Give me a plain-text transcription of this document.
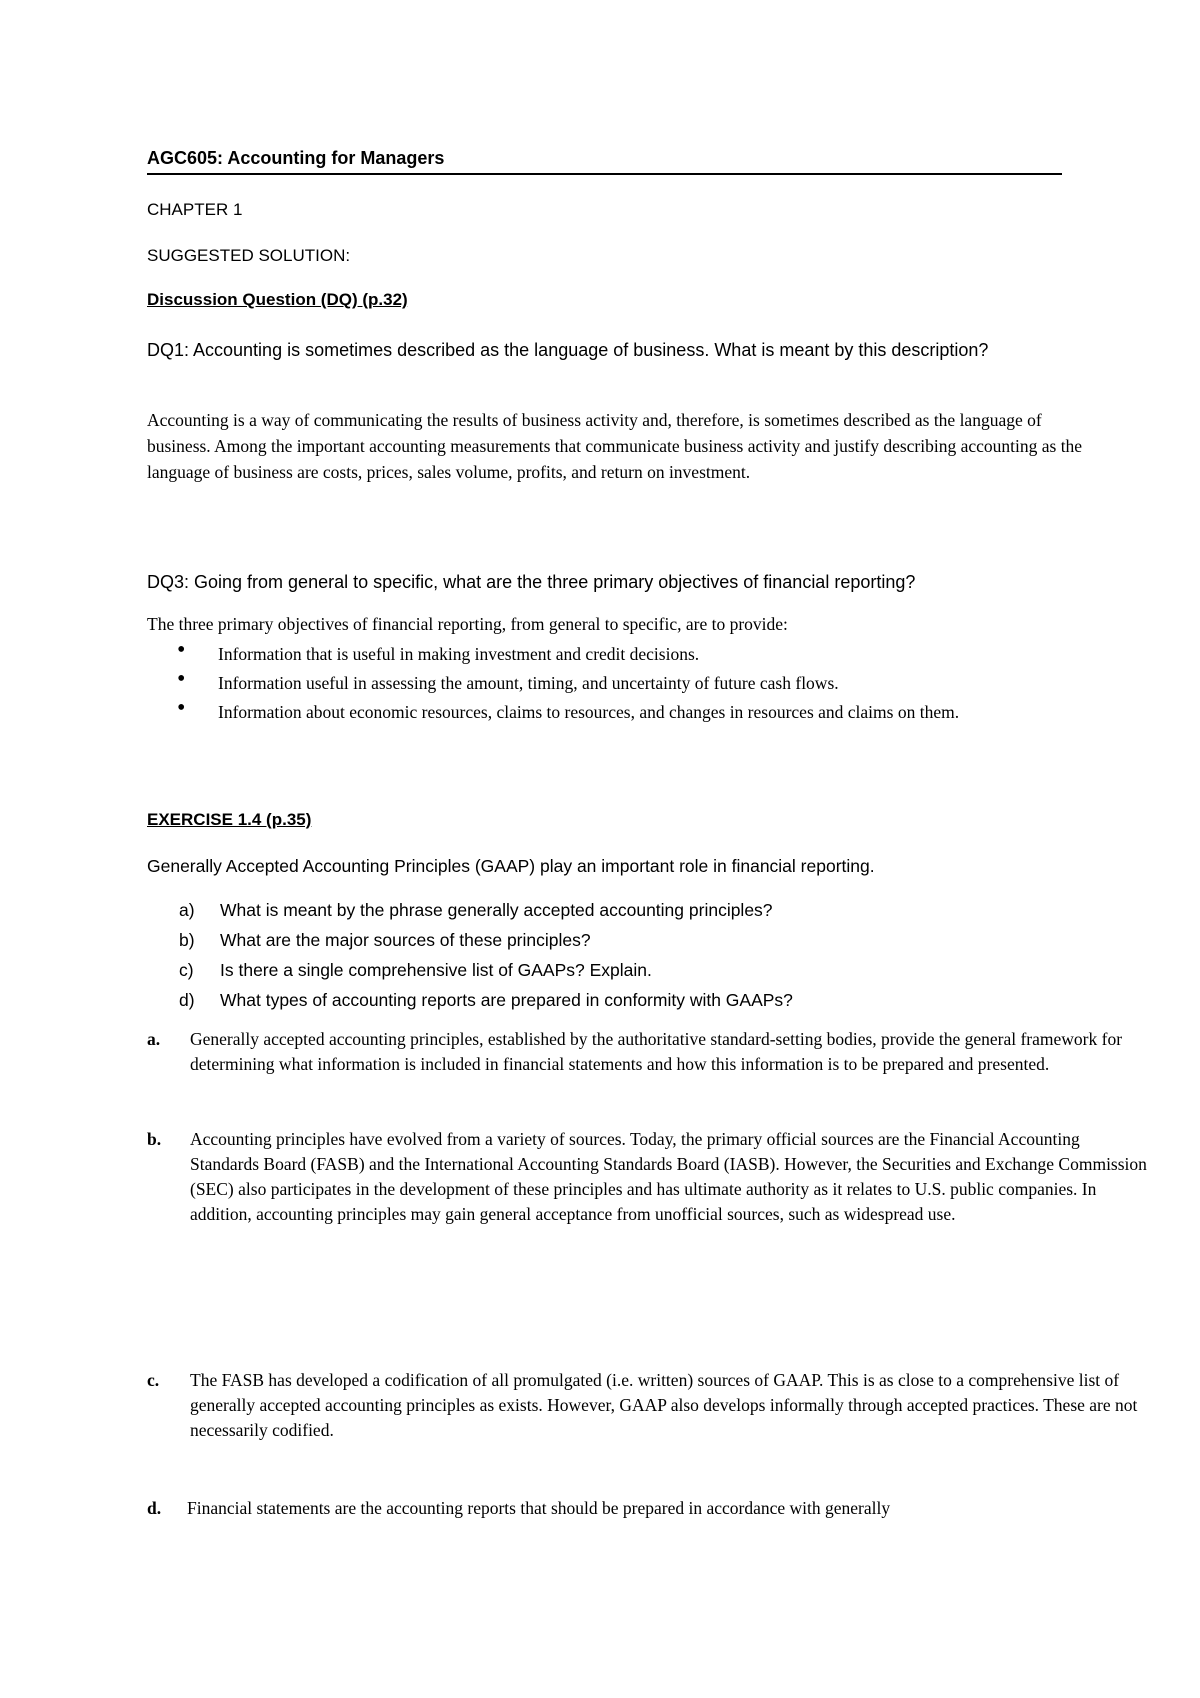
AGC605: Accounting for Managers
CHAPTER 1
SUGGESTED SOLUTION:
Discussion Question (DQ) (p.32)
DQ1: Accounting is sometimes described as the language of business. What is meant by this description?
Accounting is a way of communicating the results of business activity and, therefore, is sometimes described as the language of business. Among the important accounting measurements that communicate business activity and justify describing accounting as the language of business are costs, prices, sales volume, profits, and return on investment.
DQ3: Going from general to specific, what are the three primary objectives of financial reporting?
The three primary objectives of financial reporting, from general to specific, are to provide:
• Information that is useful in making investment and credit decisions.
• Information useful in assessing the amount, timing, and uncertainty of future cash flows.
• Information about economic resources, claims to resources, and changes in resources and claims on them.
EXERCISE 1.4 (p.35)
Generally Accepted Accounting Principles (GAAP) play an important role in financial reporting.
a) What is meant by the phrase generally accepted accounting principles?
b) What are the major sources of these principles?
c) Is there a single comprehensive list of GAAPs? Explain.
d) What types of accounting reports are prepared in conformity with GAAPs?
a. Generally accepted accounting principles, established by the authoritative standard-setting bodies, provide the general framework for determining what information is included in financial statements and how this information is to be prepared and presented.
b. Accounting principles have evolved from a variety of sources. Today, the primary official sources are the Financial Accounting Standards Board (FASB) and the International Accounting Standards Board (IASB). However, the Securities and Exchange Commission (SEC) also participates in the development of these principles and has ultimate authority as it relates to U.S. public companies. In addition, accounting principles may gain general acceptance from unofficial sources, such as widespread use.
c. The FASB has developed a codification of all promulgated (i.e. written) sources of GAAP. This is as close to a comprehensive list of generally accepted accounting principles as exists. However, GAAP also develops informally through accepted practices. These are not necessarily codified.
d. Financial statements are the accounting reports that should be prepared in accordance with generally
